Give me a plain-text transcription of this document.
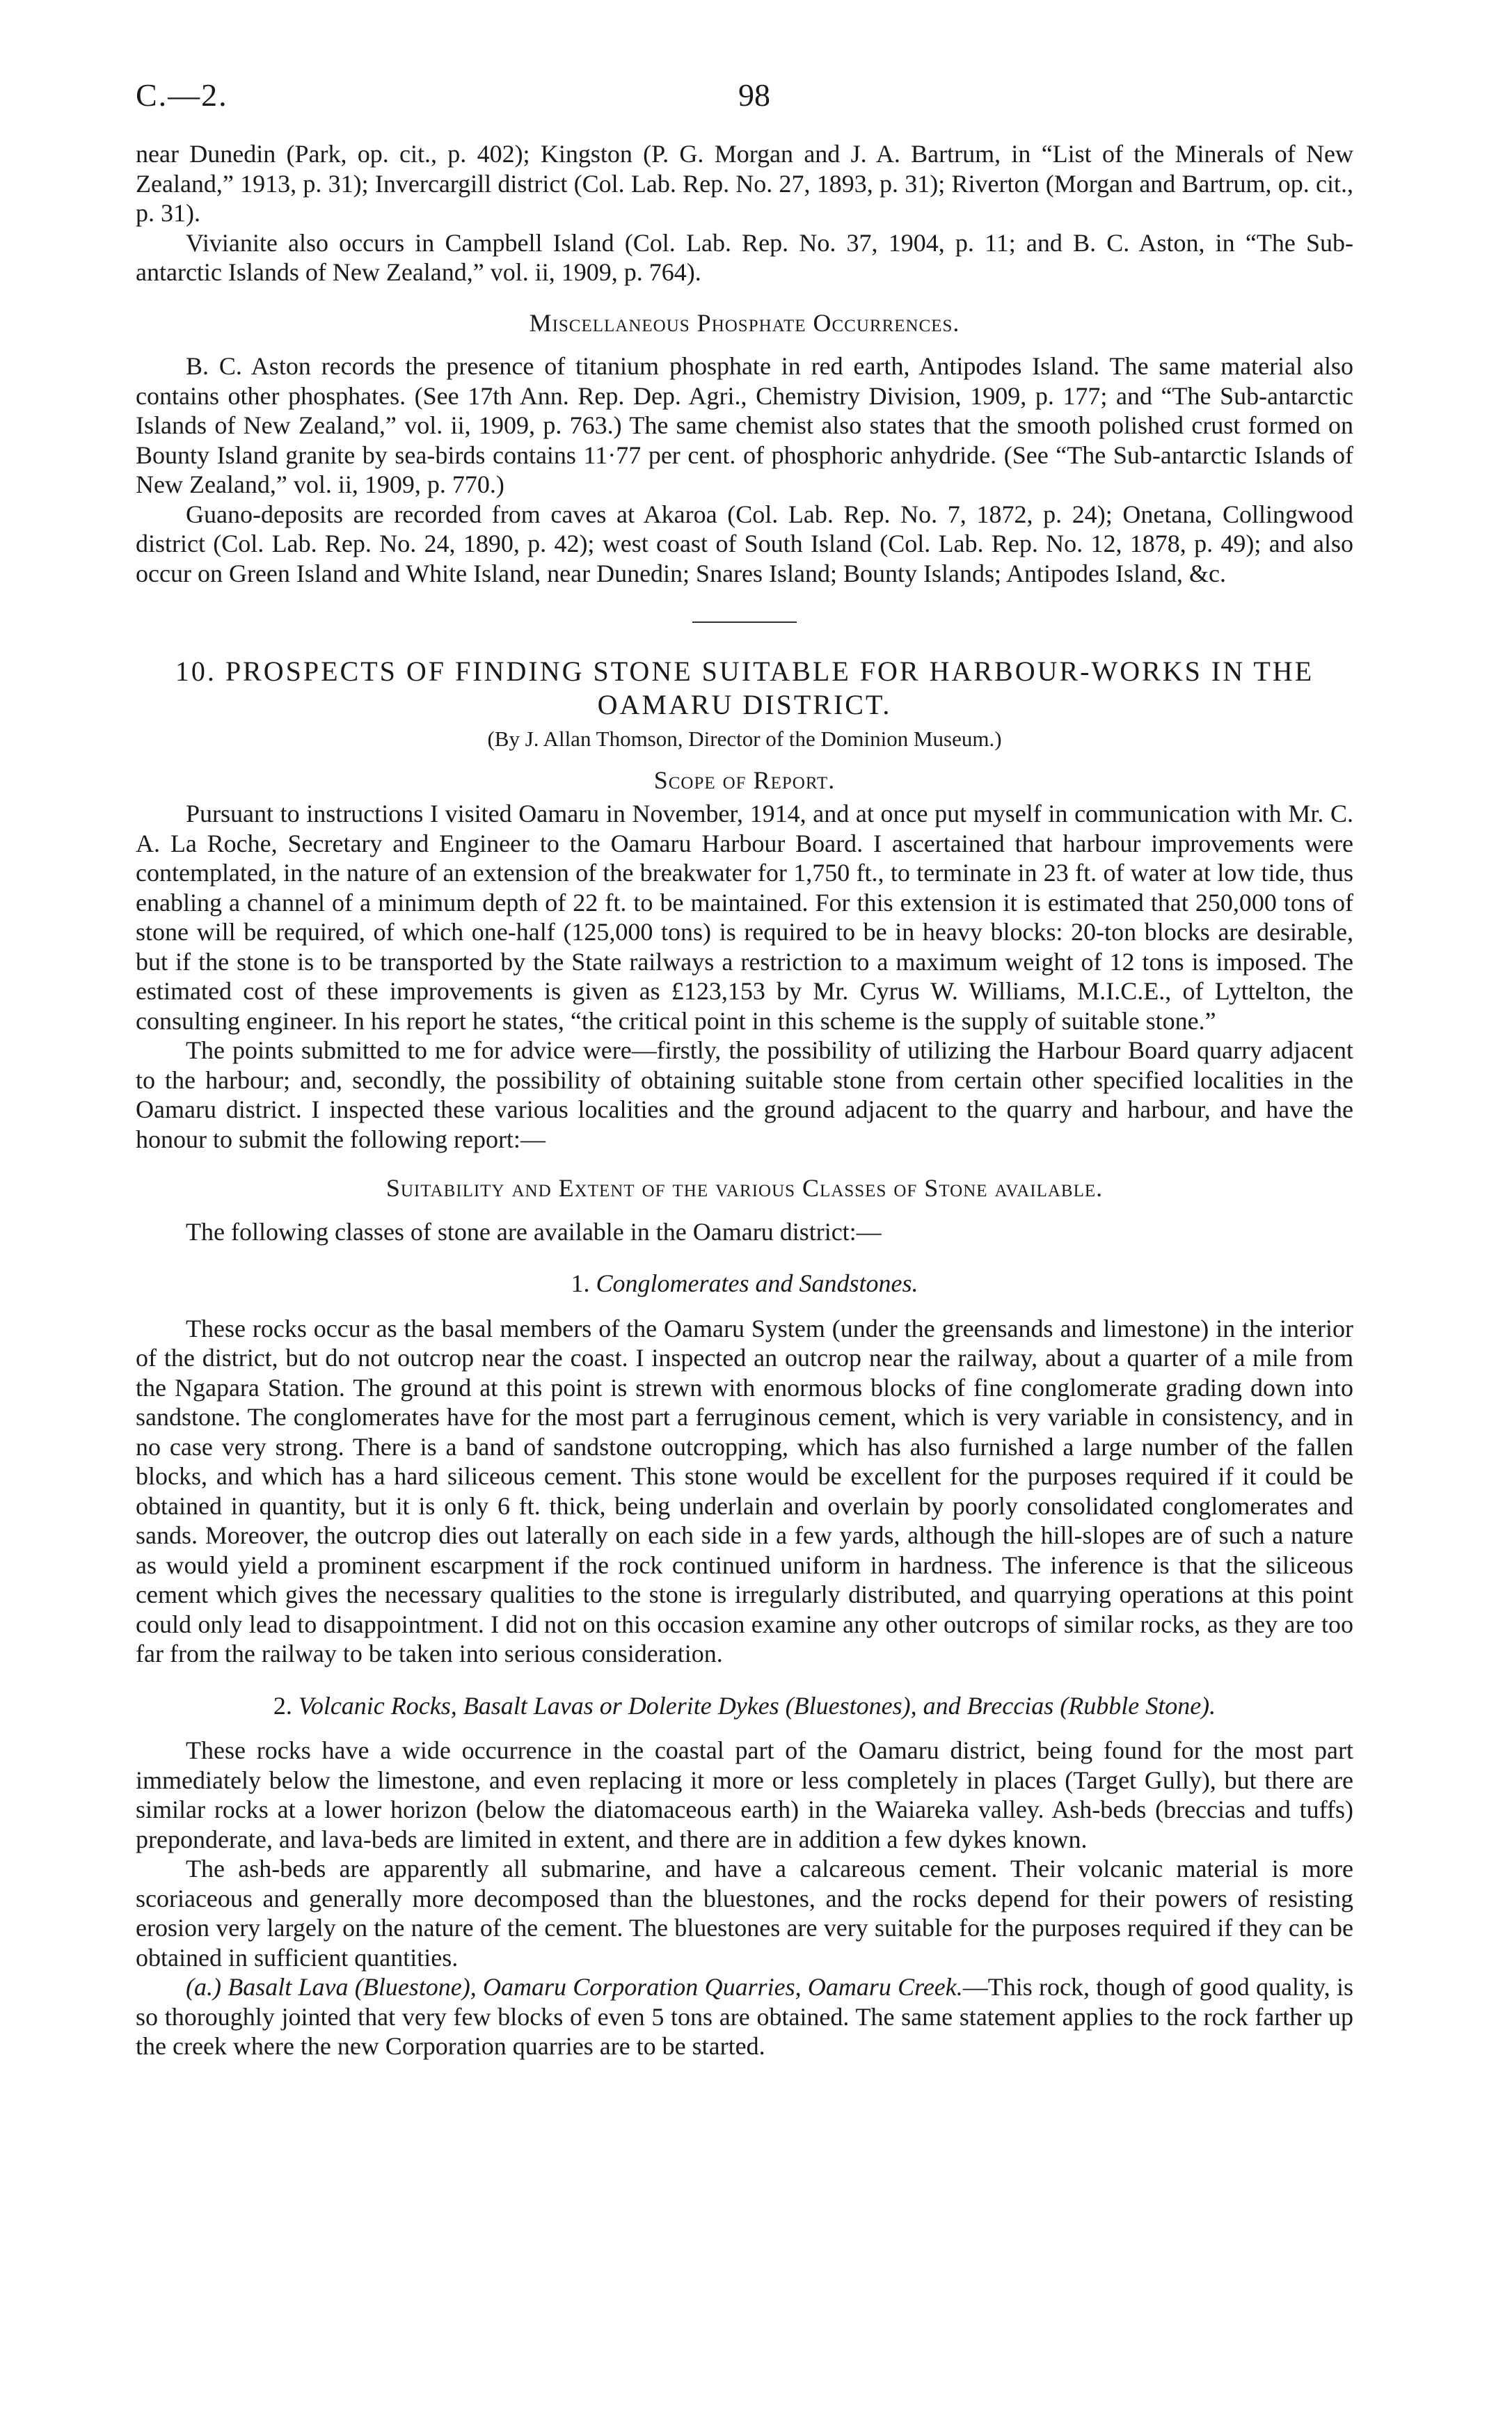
C.—2.	98

near Dunedin (Park, op. cit., p. 402); Kingston (P. G. Morgan and J. A. Bartrum, in “List of the Minerals of New Zealand,” 1913, p. 31); Invercargill district (Col. Lab. Rep. No. 27, 1893, p. 31); Riverton (Morgan and Bartrum, op. cit., p. 31).

Vivianite also occurs in Campbell Island (Col. Lab. Rep. No. 37, 1904, p. 11; and B. C. Aston, in “The Sub-antarctic Islands of New Zealand,” vol. ii, 1909, p. 764).

Miscellaneous Phosphate Occurrences.

B. C. Aston records the presence of titanium phosphate in red earth, Antipodes Island. The same material also contains other phosphates. (See 17th Ann. Rep. Dep. Agri., Chemistry Division, 1909, p. 177; and “The Sub-antarctic Islands of New Zealand,” vol. ii, 1909, p. 763.) The same chemist also states that the smooth polished crust formed on Bounty Island granite by sea-birds contains 11·77 per cent. of phosphoric anhydride. (See “The Sub-antarctic Islands of New Zealand,” vol. ii, 1909, p. 770.)

Guano-deposits are recorded from caves at Akaroa (Col. Lab. Rep. No. 7, 1872, p. 24); Onetana, Collingwood district (Col. Lab. Rep. No. 24, 1890, p. 42); west coast of South Island (Col. Lab. Rep. No. 12, 1878, p. 49); and also occur on Green Island and White Island, near Dunedin; Snares Island; Bounty Islands; Antipodes Island, &c.

10. PROSPECTS OF FINDING STONE SUITABLE FOR HARBOUR-WORKS IN THE
OAMARU DISTRICT.
(By J. Allan Thomson, Director of the Dominion Museum.)
Scope of Report.

Pursuant to instructions I visited Oamaru in November, 1914, and at once put myself in communication with Mr. C. A. La Roche, Secretary and Engineer to the Oamaru Harbour Board. I ascertained that harbour improvements were contemplated, in the nature of an extension of the breakwater for 1,750 ft., to terminate in 23 ft. of water at low tide, thus enabling a channel of a minimum depth of 22 ft. to be maintained. For this extension it is estimated that 250,000 tons of stone will be required, of which one-half (125,000 tons) is required to be in heavy blocks: 20-ton blocks are desirable, but if the stone is to be transported by the State railways a restriction to a maximum weight of 12 tons is imposed. The estimated cost of these improvements is given as £123,153 by Mr. Cyrus W. Williams, M.I.C.E., of Lyttelton, the consulting engineer. In his report he states, “the critical point in this scheme is the supply of suitable stone.”

The points submitted to me for advice were—firstly, the possibility of utilizing the Harbour Board quarry adjacent to the harbour; and, secondly, the possibility of obtaining suitable stone from certain other specified localities in the Oamaru district. I inspected these various localities and the ground adjacent to the quarry and harbour, and have the honour to submit the following report:—

Suitability and Extent of the various Classes of Stone available.

The following classes of stone are available in the Oamaru district:—

1. Conglomerates and Sandstones.

These rocks occur as the basal members of the Oamaru System (under the greensands and limestone) in the interior of the district, but do not outcrop near the coast. I inspected an outcrop near the railway, about a quarter of a mile from the Ngapara Station. The ground at this point is strewn with enormous blocks of fine conglomerate grading down into sandstone. The conglomerates have for the most part a ferruginous cement, which is very variable in consistency, and in no case very strong. There is a band of sandstone outcropping, which has also furnished a large number of the fallen blocks, and which has a hard siliceous cement. This stone would be excellent for the purposes required if it could be obtained in quantity, but it is only 6 ft. thick, being underlain and overlain by poorly consolidated conglomerates and sands. Moreover, the outcrop dies out laterally on each side in a few yards, although the hill-slopes are of such a nature as would yield a prominent escarpment if the rock continued uniform in hardness. The inference is that the siliceous cement which gives the necessary qualities to the stone is irregularly distributed, and quarrying operations at this point could only lead to disappointment. I did not on this occasion examine any other outcrops of similar rocks, as they are too far from the railway to be taken into serious consideration.

2. Volcanic Rocks, Basalt Lavas or Dolerite Dykes (Bluestones), and Breccias (Rubble Stone).

These rocks have a wide occurrence in the coastal part of the Oamaru district, being found for the most part immediately below the limestone, and even replacing it more or less completely in places (Target Gully), but there are similar rocks at a lower horizon (below the diatomaceous earth) in the Waiareka valley. Ash-beds (breccias and tuffs) preponderate, and lava-beds are limited in extent, and there are in addition a few dykes known.

The ash-beds are apparently all submarine, and have a calcareous cement. Their volcanic material is more scoriaceous and generally more decomposed than the bluestones, and the rocks depend for their powers of resisting erosion very largely on the nature of the cement. The bluestones are very suitable for the purposes required if they can be obtained in sufficient quantities.

(a.) Basalt Lava (Bluestone), Oamaru Corporation Quarries, Oamaru Creek.—This rock, though of good quality, is so thoroughly jointed that very few blocks of even 5 tons are obtained. The same statement applies to the rock farther up the creek where the new Corporation quarries are to be started.
